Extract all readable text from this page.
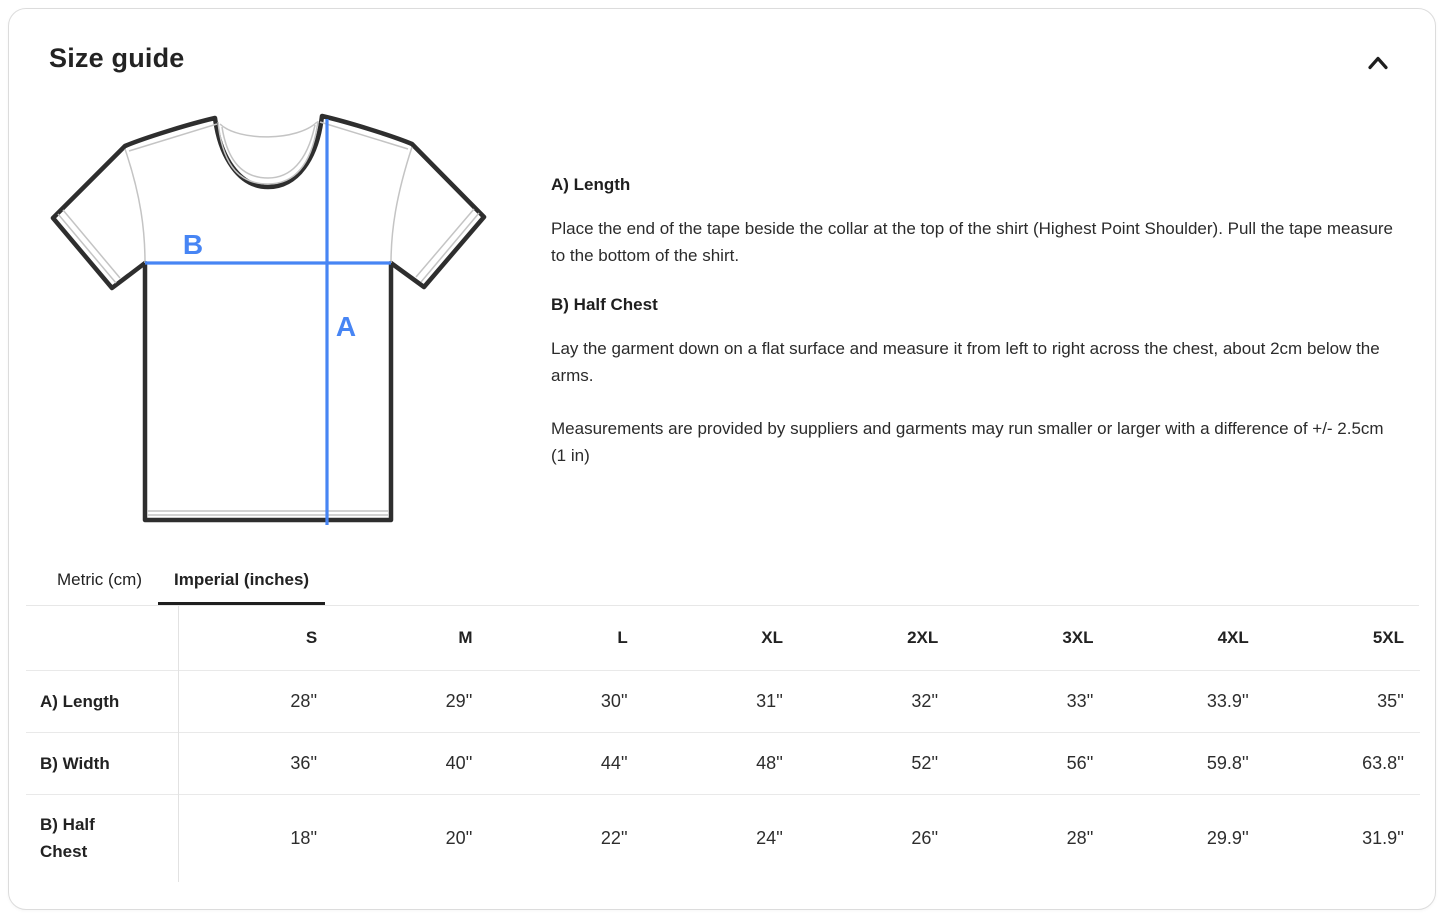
Size guide
B
A
A) Length

Place the end of the tape beside the collar at the top of the shirt (Highest Point Shoulder). Pull the tape measure to the bottom of the shirt.

B) Half Chest

Lay the garment down on a flat surface and measure it from left to right across the chest, about 2cm below the arms.

Measurements are provided by suppliers and garments may run smaller or larger with a difference of +/- 2.5cm (1 in)

Metric (cm)	Imperial (inches)
	S	M	L	XL	2XL	3XL	4XL	5XL
A) Length	28''	29''	30''	31''	32''	33''	33.9''	35''
B) Width	36''	40''	44''	48''	52''	56''	59.8''	63.8''
B) Half Chest	18''	20''	22''	24''	26''	28''	29.9''	31.9''
